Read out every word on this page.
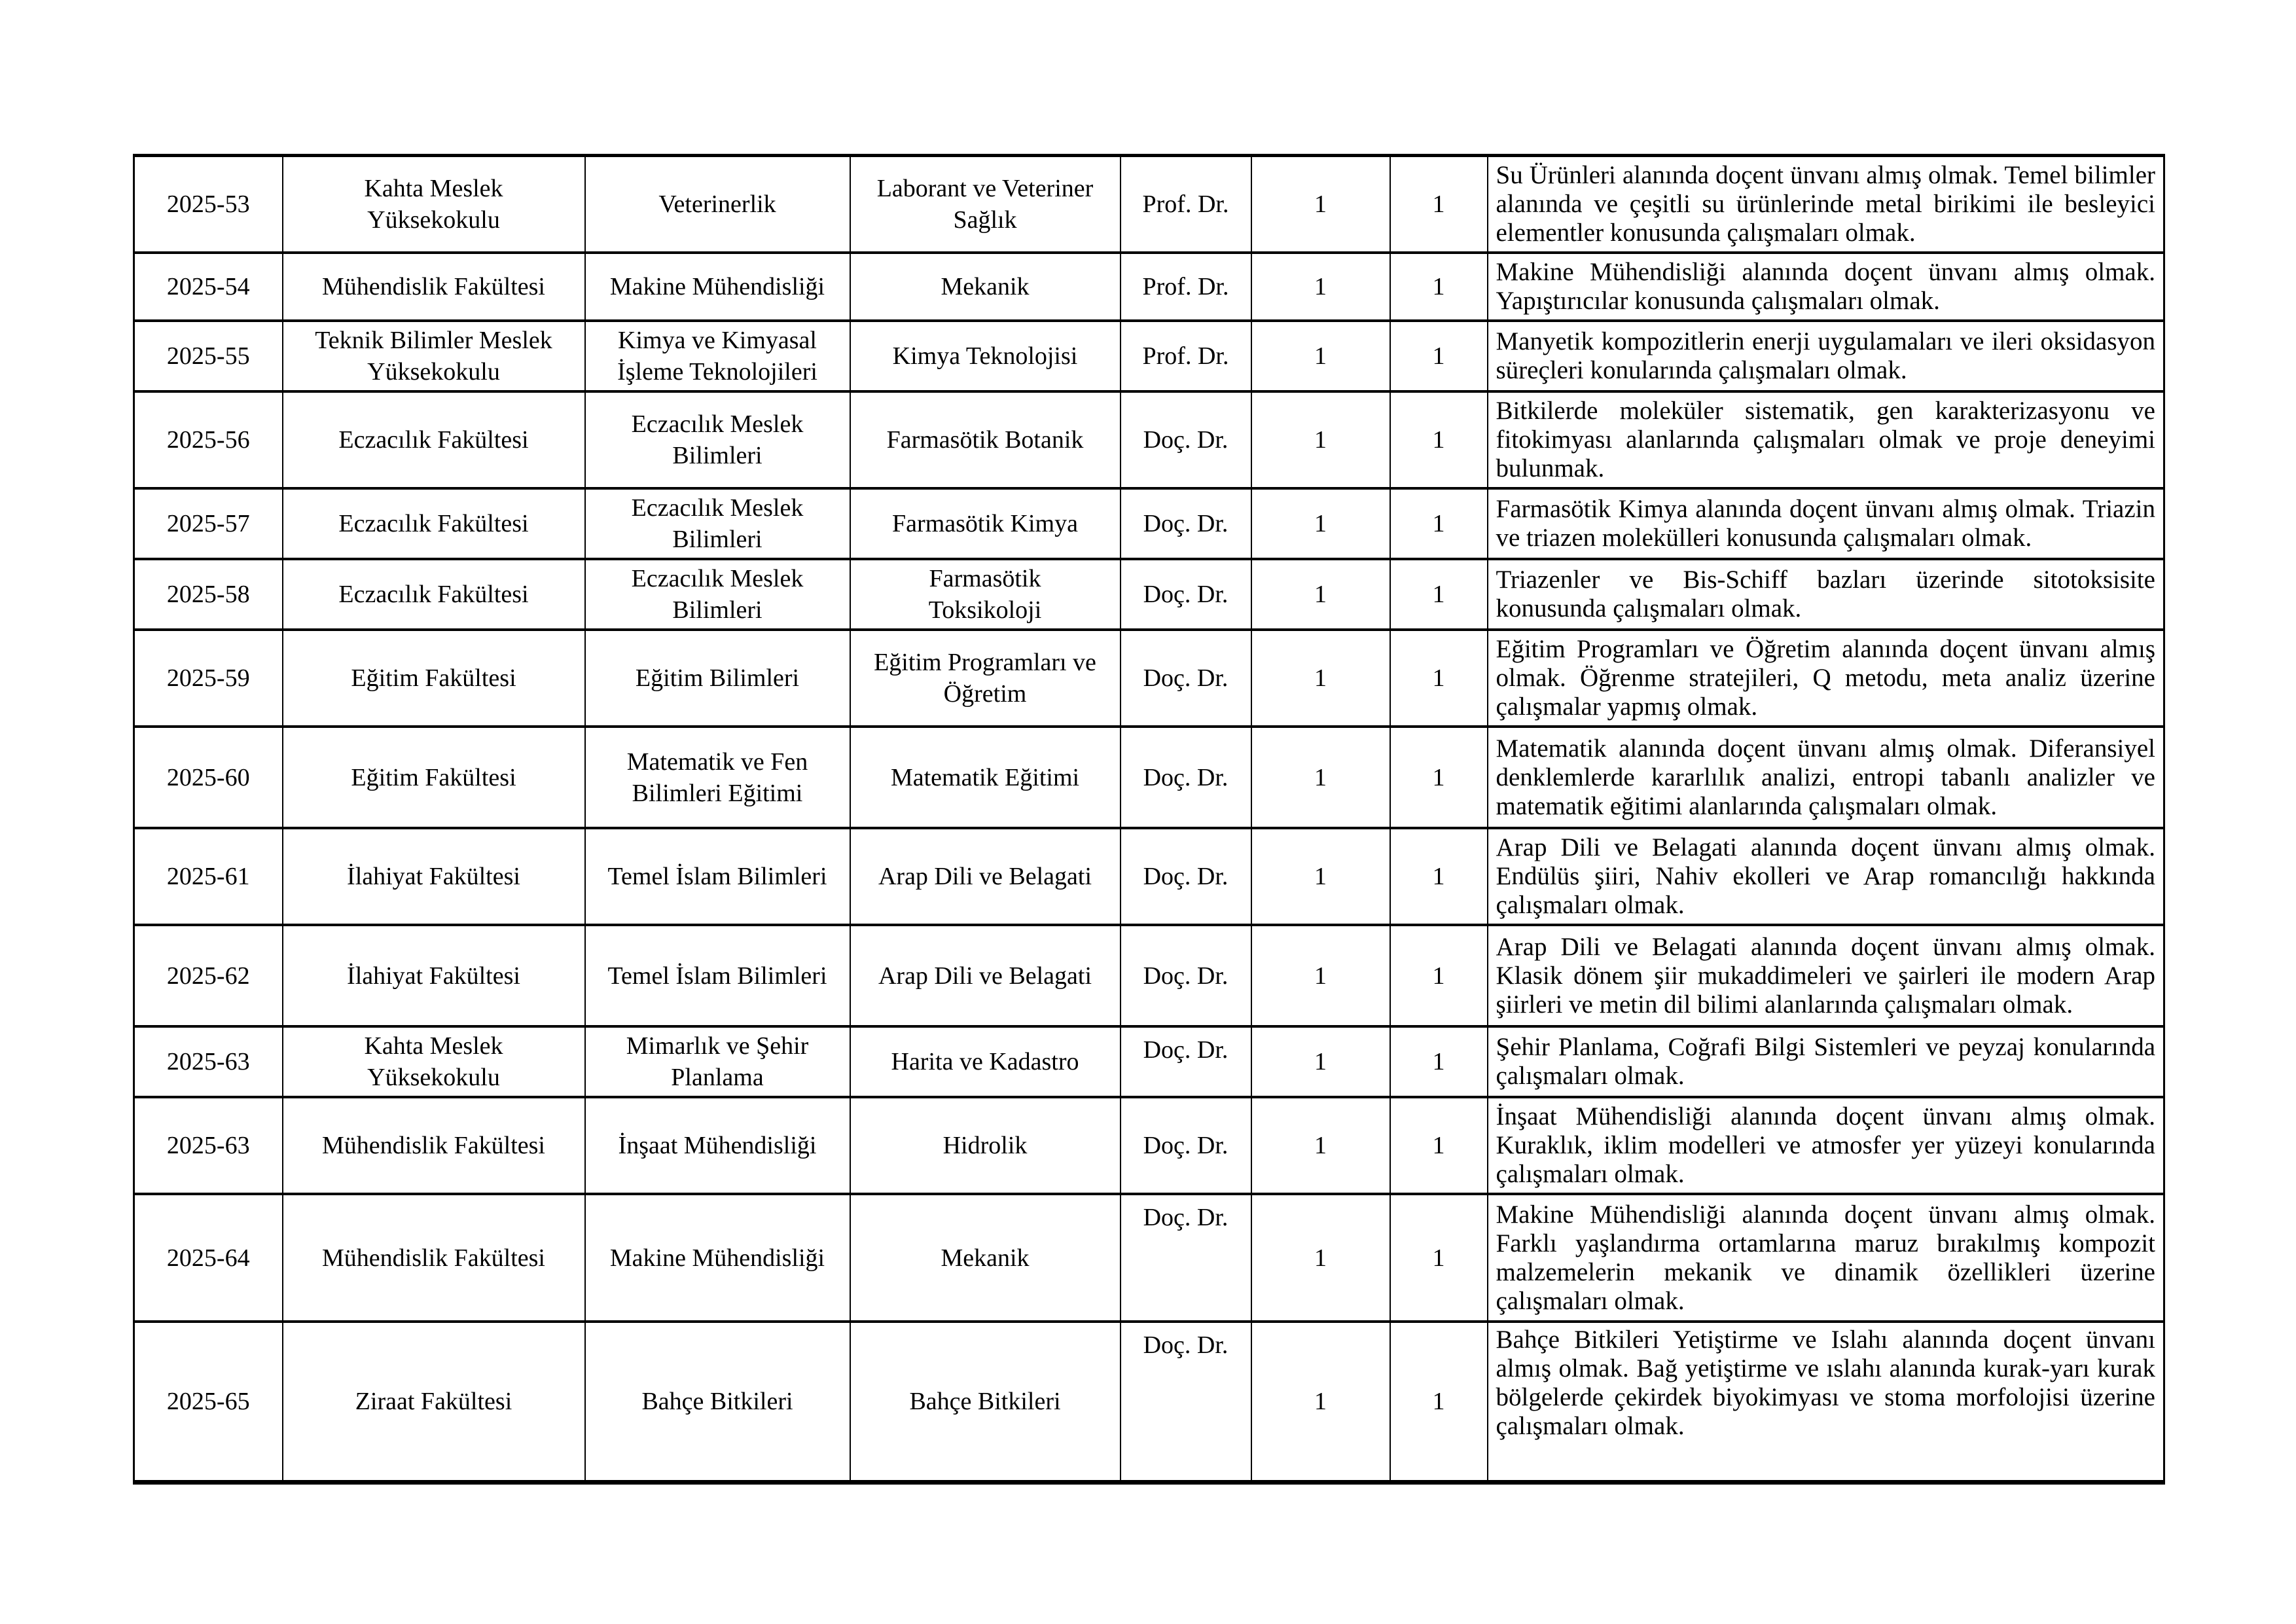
2025-53	Kahta Meslek Yüksekokulu	Veterinerlik	Laborant ve Veteriner Sağlık	Prof. Dr.	1	1	Su Ürünleri alanında doçent ünvanı almış olmak. Temel bilimler alanında ve çeşitli su ürünlerinde metal birikimi ile besleyici elementler konusunda çalışmaları olmak.
2025-54	Mühendislik Fakültesi	Makine Mühendisliği	Mekanik	Prof. Dr.	1	1	Makine Mühendisliği alanında doçent ünvanı almış olmak. Yapıştırıcılar konusunda çalışmaları olmak.
2025-55	Teknik Bilimler Meslek Yüksekokulu	Kimya ve Kimyasal İşleme Teknolojileri	Kimya Teknolojisi	Prof. Dr.	1	1	Manyetik kompozitlerin enerji uygulamaları ve ileri oksidasyon süreçleri konularında çalışmaları olmak.
2025-56	Eczacılık Fakültesi	Eczacılık Meslek Bilimleri	Farmasötik Botanik	Doç. Dr.	1	1	Bitkilerde moleküler sistematik, gen karakterizasyonu ve fitokimyası alanlarında çalışmaları olmak ve proje deneyimi bulunmak.
2025-57	Eczacılık Fakültesi	Eczacılık Meslek Bilimleri	Farmasötik Kimya	Doç. Dr.	1	1	Farmasötik Kimya alanında doçent ünvanı almış olmak. Triazin ve triazen molekülleri konusunda çalışmaları olmak.
2025-58	Eczacılık Fakültesi	Eczacılık Meslek Bilimleri	Farmasötik Toksikoloji	Doç. Dr.	1	1	Triazenler ve Bis-Schiff bazları üzerinde sitotoksisite konusunda çalışmaları olmak.
2025-59	Eğitim Fakültesi	Eğitim Bilimleri	Eğitim Programları ve Öğretim	Doç. Dr.	1	1	Eğitim Programları ve Öğretim alanında doçent ünvanı almış olmak. Öğrenme stratejileri, Q metodu, meta analiz üzerine çalışmalar yapmış olmak.
2025-60	Eğitim Fakültesi	Matematik ve Fen Bilimleri Eğitimi	Matematik Eğitimi	Doç. Dr.	1	1	Matematik alanında doçent ünvanı almış olmak. Diferansiyel denklemlerde kararlılık analizi, entropi tabanlı analizler ve matematik eğitimi alanlarında çalışmaları olmak.
2025-61	İlahiyat Fakültesi	Temel İslam Bilimleri	Arap Dili ve Belagati	Doç. Dr.	1	1	Arap Dili ve Belagati alanında doçent ünvanı almış olmak. Endülüs şiiri, Nahiv ekolleri ve Arap romancılığı hakkında çalışmaları olmak.
2025-62	İlahiyat Fakültesi	Temel İslam Bilimleri	Arap Dili ve Belagati	Doç. Dr.	1	1	Arap Dili ve Belagati alanında doçent ünvanı almış olmak. Klasik dönem şiir mukaddimeleri ve şairleri ile modern Arap şiirleri ve metin dil bilimi alanlarında çalışmaları olmak.
2025-63	Kahta Meslek Yüksekokulu	Mimarlık ve Şehir Planlama	Harita ve Kadastro	Doç. Dr.	1	1	Şehir Planlama, Coğrafi Bilgi Sistemleri ve peyzaj konularında çalışmaları olmak.
2025-63	Mühendislik Fakültesi	İnşaat Mühendisliği	Hidrolik	Doç. Dr.	1	1	İnşaat Mühendisliği alanında doçent ünvanı almış olmak. Kuraklık, iklim modelleri ve atmosfer yer yüzeyi konularında çalışmaları olmak.
2025-64	Mühendislik Fakültesi	Makine Mühendisliği	Mekanik	Doç. Dr.	1	1	Makine Mühendisliği alanında doçent ünvanı almış olmak. Farklı yaşlandırma ortamlarına maruz bırakılmış kompozit malzemelerin mekanik ve dinamik özellikleri üzerine çalışmaları olmak.
2025-65	Ziraat Fakültesi	Bahçe Bitkileri	Bahçe Bitkileri	Doç. Dr.	1	1	Bahçe Bitkileri Yetiştirme ve Islahı alanında doçent ünvanı almış olmak. Bağ yetiştirme ve ıslahı alanında kurak-yarı kurak bölgelerde çekirdek biyokimyası ve stoma morfolojisi üzerine çalışmaları olmak.
